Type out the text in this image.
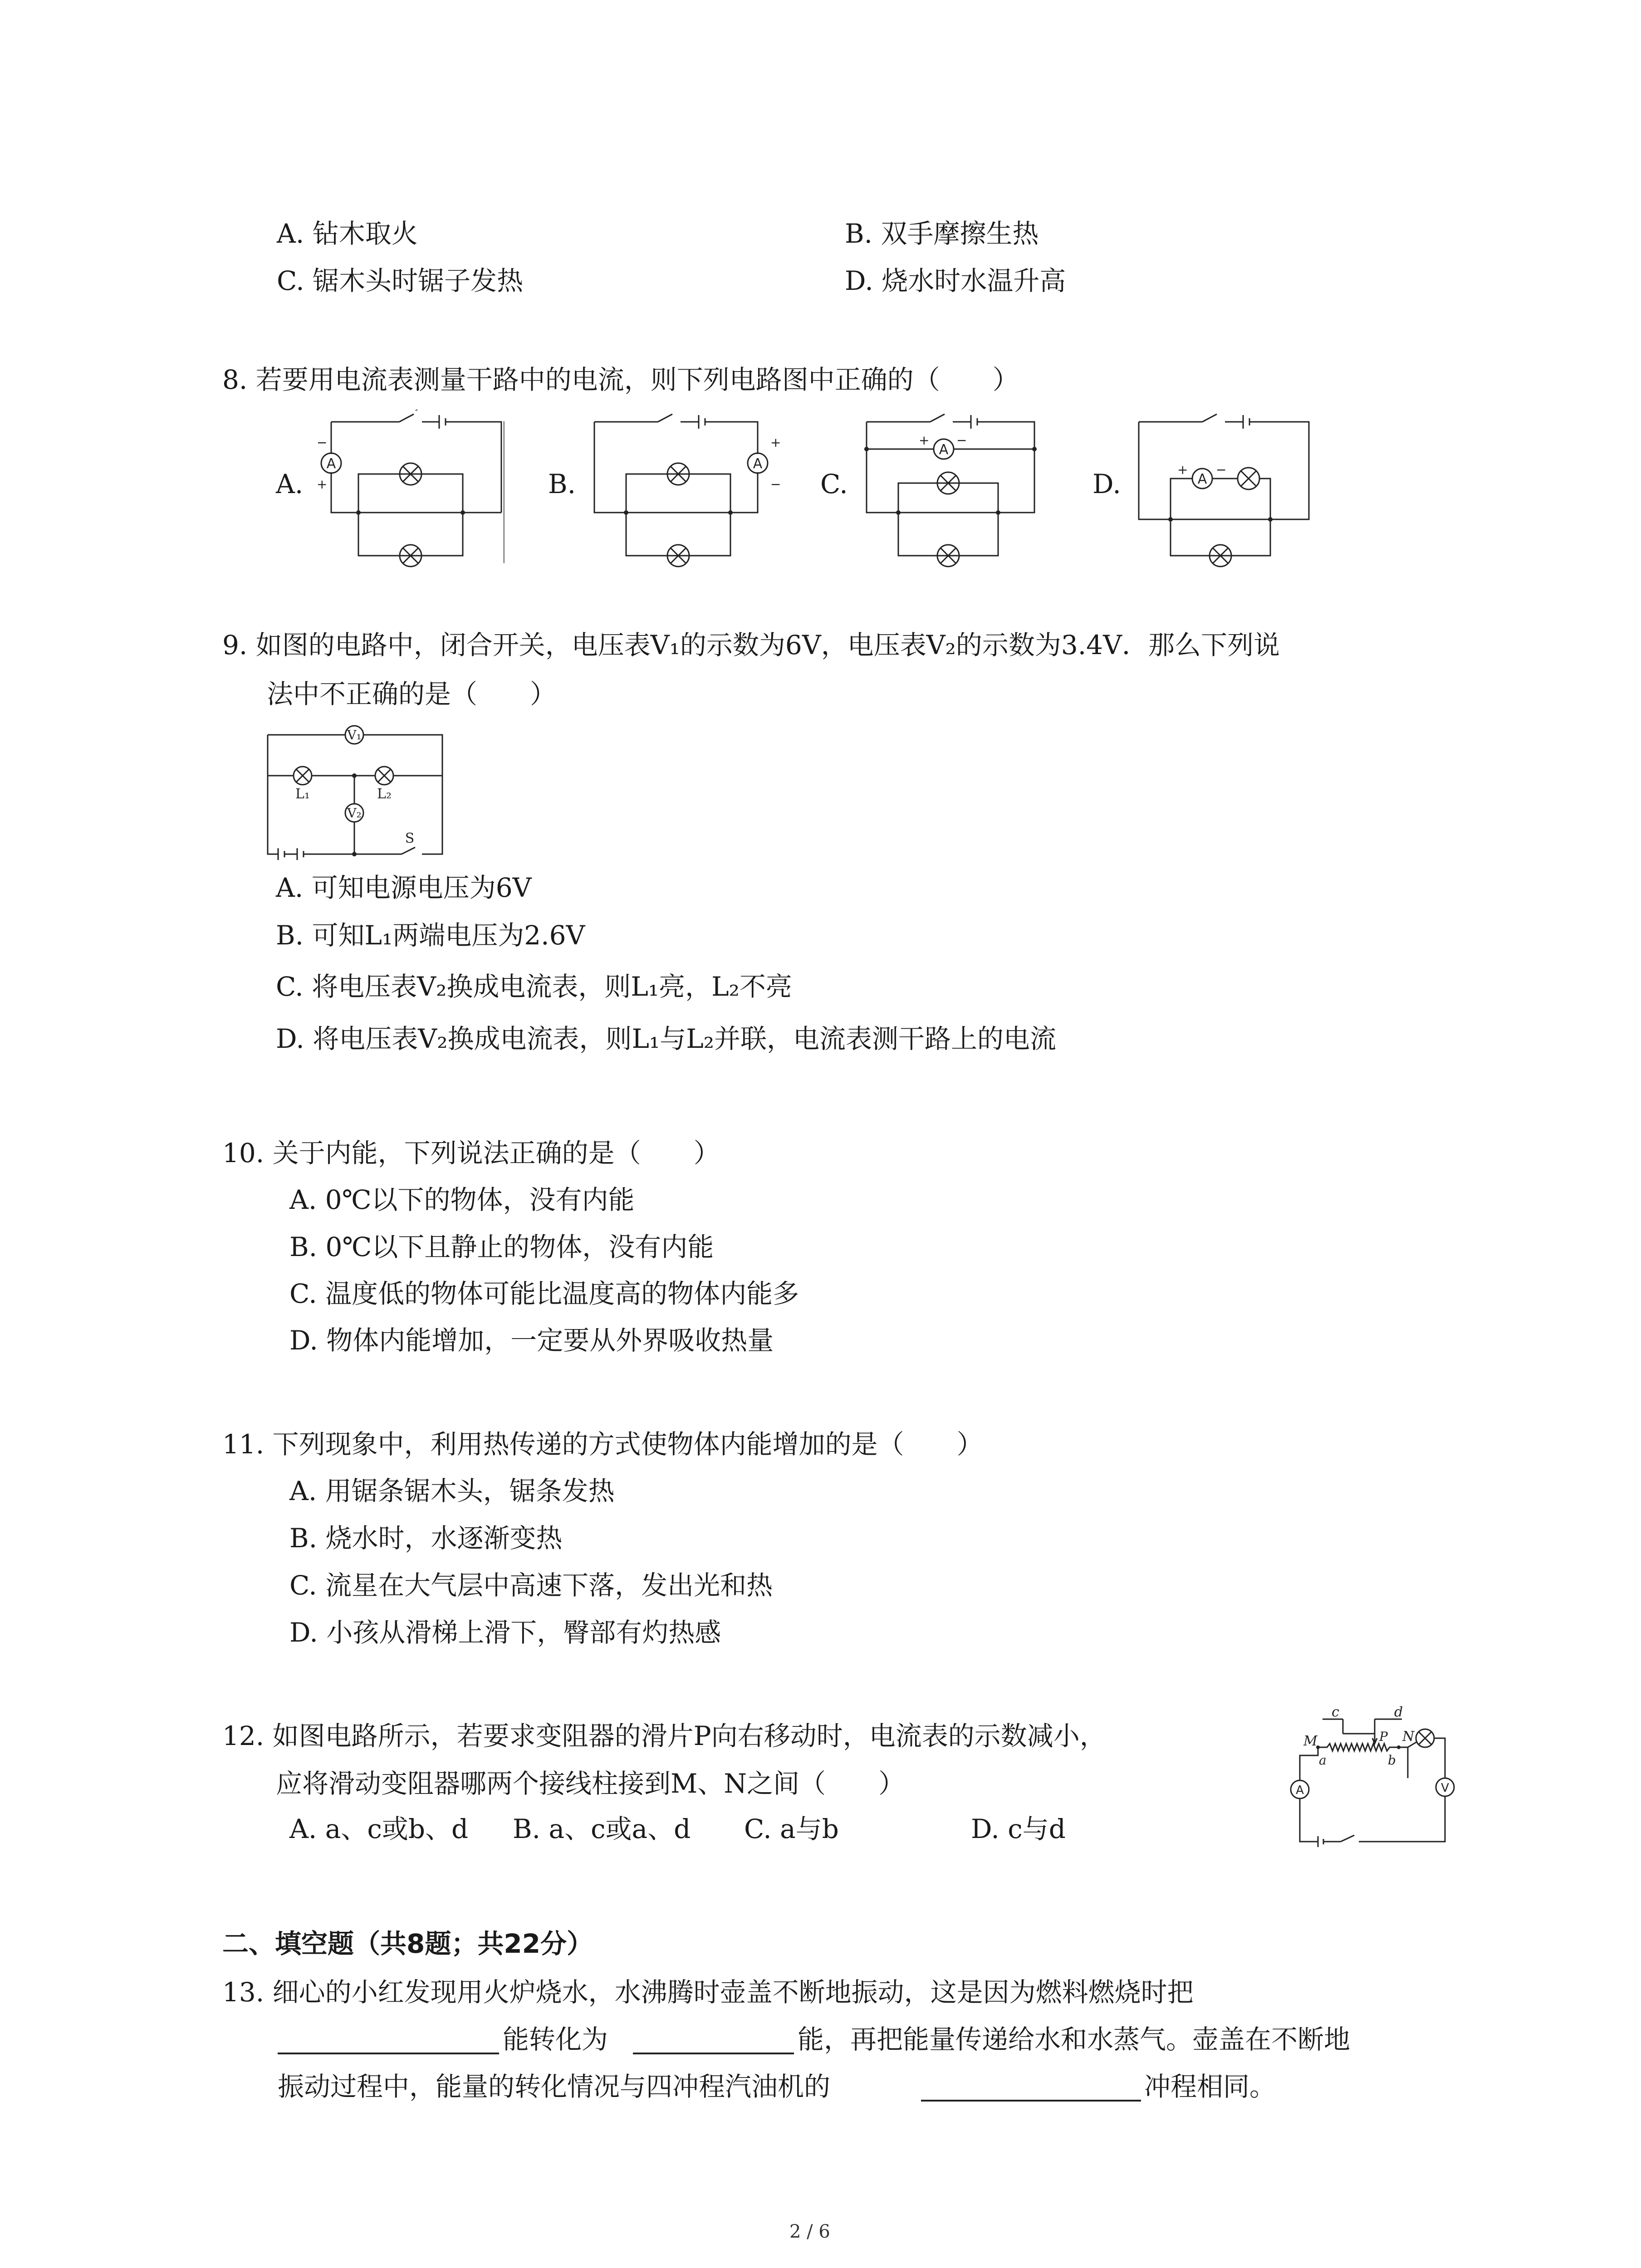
A. 钻木取火	B. 双手摩擦生热
C. 锯木头时锯子发热	D. 烧水时水温升高
8. 若要用电流表测量干路中的电流，则下列电路图中正确的（　　）
A.	B.	C.	D.
A
−
+
A
+
−
A
+ −
A
+ −
9. 如图的电路中，闭合开关，电压表V₁的示数为6V，电压表V₂的示数为3.4V．那么下列说
法中不正确的是（　　）
V₁
V₂
L₁	L₂
S
A. 可知电源电压为6V
B. 可知L₁两端电压为2.6V
C. 将电压表V₂换成电流表，则L₁亮，L₂不亮
D. 将电压表V₂换成电流表，则L₁与L₂并联，电流表测干路上的电流
10. 关于内能，下列说法正确的是（　　）
A. 0℃以下的物体，没有内能
B. 0℃以下且静止的物体，没有内能
C. 温度低的物体可能比温度高的物体内能多
D. 物体内能增加，一定要从外界吸收热量
11. 下列现象中，利用热传递的方式使物体内能增加的是（　　）
A. 用锯条锯木头，锯条发热
B. 烧水时，水逐渐变热
C. 流星在大气层中高速下落，发出光和热
D. 小孩从滑梯上滑下，臀部有灼热感
12. 如图电路所示，若要求变阻器的滑片P向右移动时，电流表的示数减小，
应将滑动变阻器哪两个接线柱接到M、N之间（　　）
A. a、c或b、d B. a、c或a、d C. a与b	D. c与d
c	d
M	P N
a	b
A	V
二、填空题（共8题；共22分）
13. 细心的小红发现用火炉烧水，水沸腾时壶盖不断地振动，这是因为燃料燃烧时把
能转化为	能，再把能量传递给水和水蒸气。壶盖在不断地
振动过程中，能量的转化情况与四冲程汽油机的	冲程相同。
2 / 6
